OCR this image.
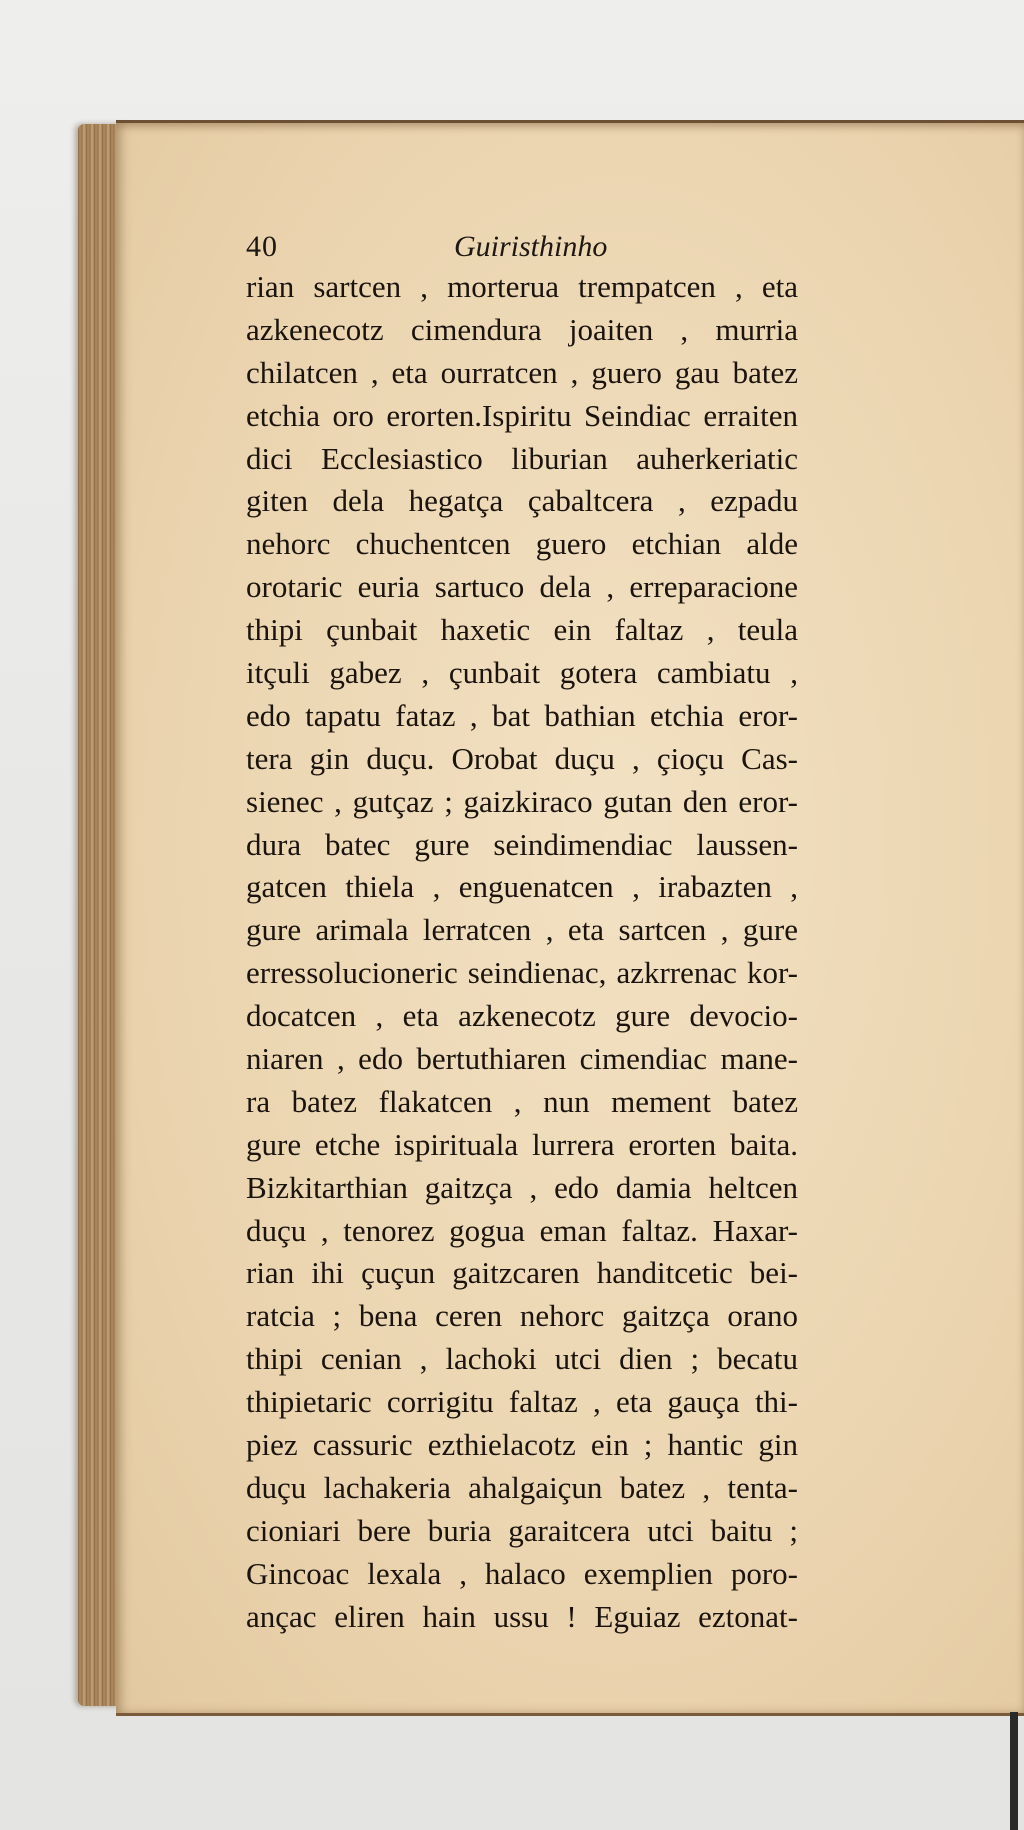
40	Guiristhinho
rian sartcen , morterua trempatcen , eta
azkenecotz cimendura joaiten , murria
chilatcen , eta ourratcen , guero gau batez
etchia oro erorten.Ispiritu Seindiac erraiten
dici Ecclesiastico liburian auherkeriatic
giten dela hegatça çabaltcera , ezpadu
nehorc chuchentcen guero etchian alde
orotaric euria sartuco dela , erreparacione
thipi çunbait haxetic ein faltaz , teula
itçuli gabez , çunbait gotera cambiatu ,
edo tapatu fataz , bat bathian etchia eror-
tera gin duçu. Orobat duçu , çioçu Cas-
sienec , gutçaz ; gaizkiraco gutan den eror-
dura batec gure seindimendiac laussen-
gatcen thiela , enguenatcen , irabazten ,
gure arimala lerratcen , eta sartcen , gure
erressolucioneric seindienac, azkrrenac kor-
docatcen , eta azkenecotz gure devocio-
niaren , edo bertuthiaren cimendiac mane-
ra batez flakatcen , nun mement batez
gure etche ispirituala lurrera erorten baita.
Bizkitarthian gaitzça , edo damia heltcen
duçu , tenorez gogua eman faltaz. Haxar-
rian ihi çuçun gaitzcaren handitcetic bei-
ratcia ; bena ceren nehorc gaitzça orano
thipi cenian , lachoki utci dien ; becatu
thipietaric corrigitu faltaz , eta gauça thi-
piez cassuric ezthielacotz ein ; hantic gin
duçu lachakeria ahalgaiçun batez , tenta-
cioniari bere buria garaitcera utci baitu ;
Gincoac lexala , halaco exemplien poro-
ançac eliren hain ussu ! Eguiaz eztonat-
